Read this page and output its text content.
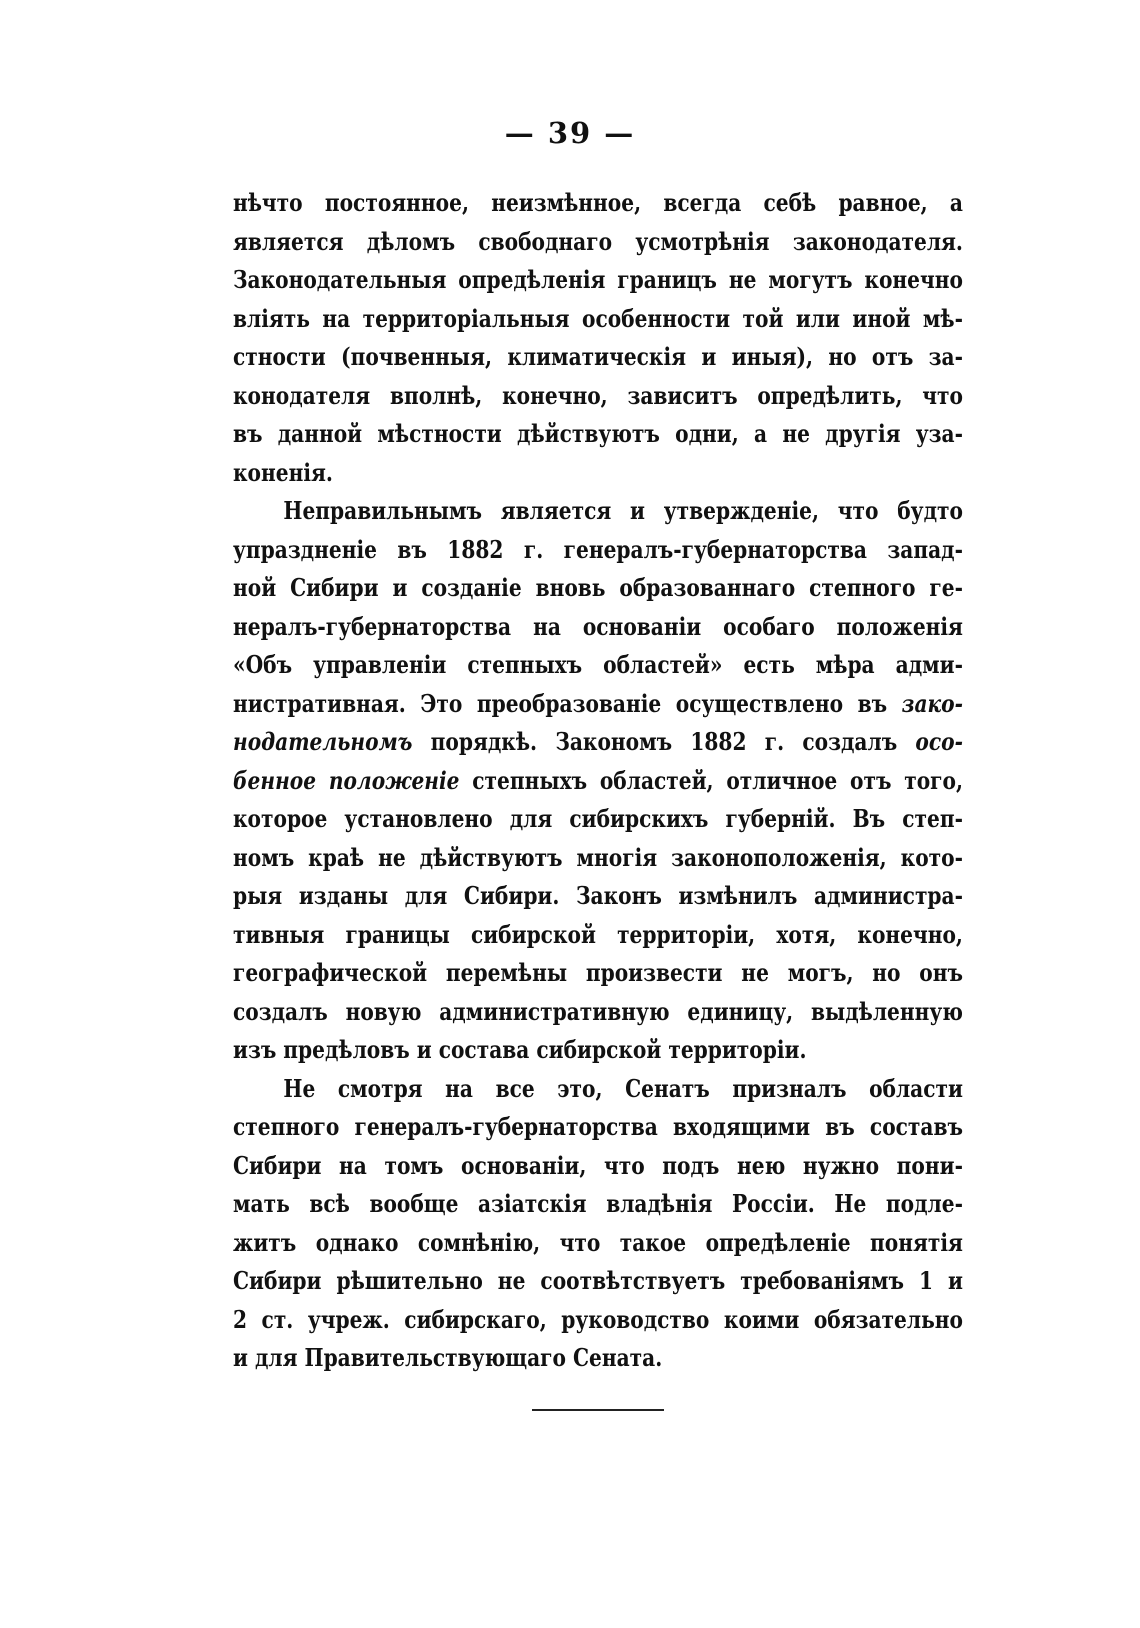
— 39 —
нѣчто постоянное, неизмѣнное, всегда себѣ равное, а
является дѣломъ свободнаго усмотрѣнія законодателя.
Законодательныя опредѣленія границъ не могутъ конечно
влiять на территорiальныя особенности той или иной мѣ-
стности (почвенныя, климатическія и иныя), но отъ за-
конодателя вполнѣ, конечно, зависитъ опредѣлить, что
въ данной мѣстности дѣйствуютъ одни, а не другія уза-
коненія.
Неправильнымъ является и утвержденіе, что будто
упраздненіе въ 1882 г. генералъ-губернаторства запад-
ной Сибири и созданіе вновь образованнаго степного ге-
нералъ-губернаторства на основаніи особаго положенія
«Объ управленіи степныхъ областей» есть мѣра адми-
нистративная. Это преобразованіе осуществлено въ зако-
нодательномъ порядкѣ. Закономъ 1882 г. создалъ осо-
бенное положеніе степныхъ областей, отличное отъ того,
которое установлено для сибирскихъ губерній. Въ степ-
номъ краѣ не дѣйствуютъ многія законоположенія, кото-
рыя изданы для Сибири. Законъ измѣнилъ администра-
тивныя границы сибирской территоріи, хотя, конечно,
географической перемѣны произвести не могъ, но онъ
создалъ новую административную единицу, выдѣленную
изъ предѣловъ и состава сибирской территоріи.
Не смотря на все это, Сенатъ призналъ области
степного генералъ-губернаторства входящими въ составъ
Сибири на томъ основаніи, что подъ нею нужно пони-
мать всѣ вообще азіатскія владѣнія Россіи. Не подле-
житъ однако сомнѣнію, что такое опредѣленіе понятія
Сибири рѣшительно не соотвѣтствуетъ требованіямъ 1 и
2 ст. учреж. сибирскаго, руководство коими обязательно
и для Правительствующаго Сената.
